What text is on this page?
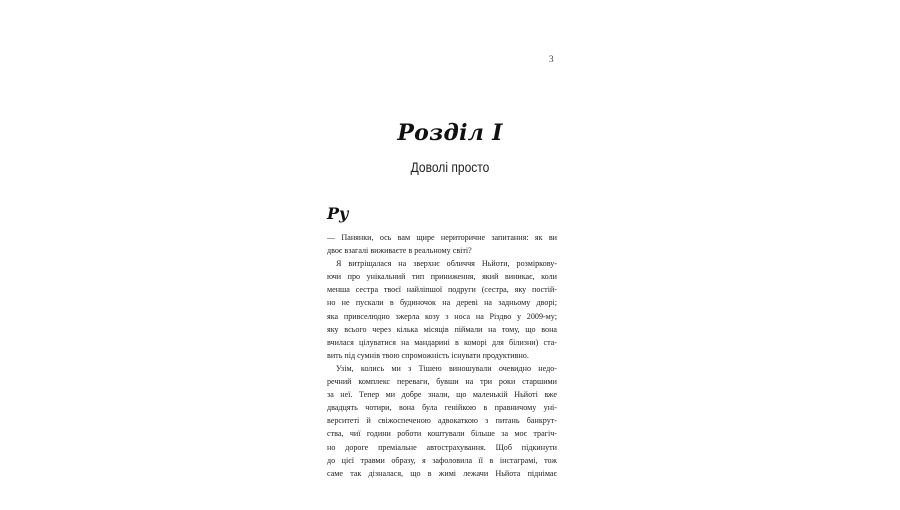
3
Розділ І
Доволі просто
Ру
— Панянки, ось вам щире нериторичне запитання: як ви
двоє взагалі виживаєте в реальному світі?
Я витріщалася на зверхнє обличчя Ньйоти, розміркову-
ючи про унікальний тип приниження, який виникає, коли
менша сестра твоєї найліпшої подруги (сестра, яку постій-
но не пускали в будиночок на дереві на задньому дворі;
яка привселюдно зжерла козу з носа на Різдво у 2009-му;
яку всього через кілька місяців піймали на тому, що вона
вчилася цілуватися на мандарині в коморі для білизни) ста-
вить під сумнів твою спроможність існувати продуктивно.
Узім, колись ми з Тішею виношували очевидно недо-
речний комплекс переваги, бувши на три роки старшими
за неї. Тепер ми добре знали, що маленькій Ньйоті вже
двадцять чотири, вона була генійкою в правничому уні-
верситеті й свіжоспеченою адвокаткою з питань банкрут-
ства, чиї години роботи коштували більше за моє трагіч-
но дороге преміальне автострахування. Щоб підкинути
до цієї травми образу, я зафоловила її в інстаграмі, тож
саме так дізналася, що в жимі лежачи Ньйота піднімає
